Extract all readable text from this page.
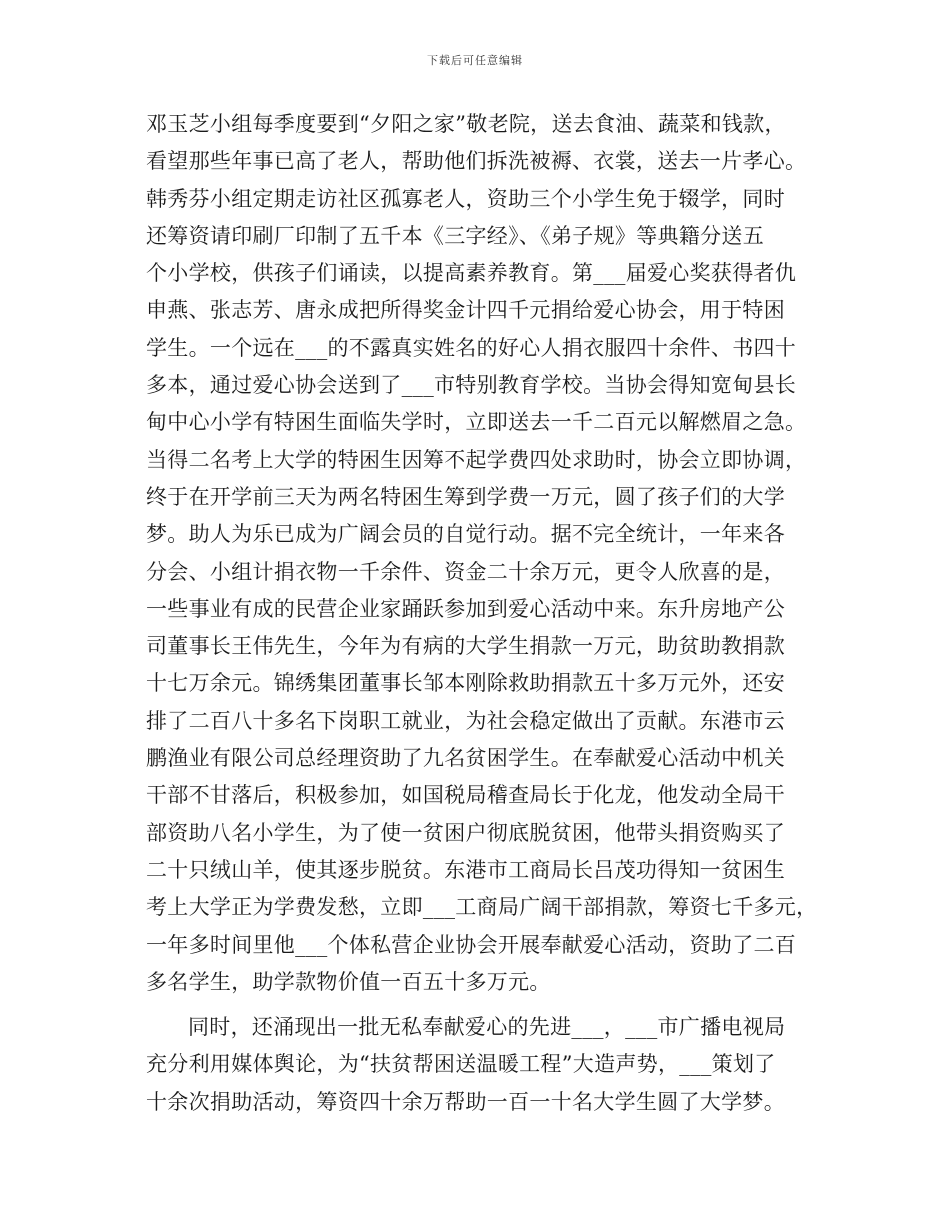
下载后可任意编辑
邓玉芝小组每季度要到“夕阳之家”敬老院，送去食油、蔬菜和钱款，
看望那些年事已高了老人，帮助他们拆洗被褥、衣裳，送去一片孝心。
韩秀芬小组定期走访社区孤寡老人，资助三个小学生免于辍学，同时
还筹资请印刷厂印制了五千本《三字经》、《弟子规》等典籍分送五
个小学校，供孩子们诵读，以提高素养教育。第___届爱心奖获得者仇
申燕、张志芳、唐永成把所得奖金计四千元捐给爱心协会，用于特困
学生。一个远在___的不露真实姓名的好心人捐衣服四十余件、书四十
多本，通过爱心协会送到了___市特别教育学校。当协会得知宽甸县长
甸中心小学有特困生面临失学时，立即送去一千二百元以解燃眉之急。
当得二名考上大学的特困生因筹不起学费四处求助时，协会立即协调，
终于在开学前三天为两名特困生筹到学费一万元，圆了孩子们的大学
梦。助人为乐已成为广阔会员的自觉行动。据不完全统计，一年来各
分会、小组计捐衣物一千余件、资金二十余万元，更令人欣喜的是，
一些事业有成的民营企业家踊跃参加到爱心活动中来。东升房地产公
司董事长王伟先生，今年为有病的大学生捐款一万元，助贫助教捐款
十七万余元。锦绣集团董事长邹本刚除救助捐款五十多万元外，还安
排了二百八十多名下岗职工就业，为社会稳定做出了贡献。东港市云
鹏渔业有限公司总经理资助了九名贫困学生。在奉献爱心活动中机关
干部不甘落后，积极参加，如国税局稽查局长于化龙，他发动全局干
部资助八名小学生，为了使一贫困户彻底脱贫困，他带头捐资购买了
二十只绒山羊，使其逐步脱贫。东港市工商局长吕茂功得知一贫困生
考上大学正为学费发愁，立即___工商局广阔干部捐款，筹资七千多元，
一年多时间里他___个体私营企业协会开展奉献爱心活动，资助了二百
多名学生，助学款物价值一百五十多万元。
同时，还涌现出一批无私奉献爱心的先进___，___市广播电视局
充分利用媒体舆论，为“扶贫帮困送温暖工程”大造声势，___策划了
十余次捐助活动，筹资四十余万帮助一百一十名大学生圆了大学梦。
